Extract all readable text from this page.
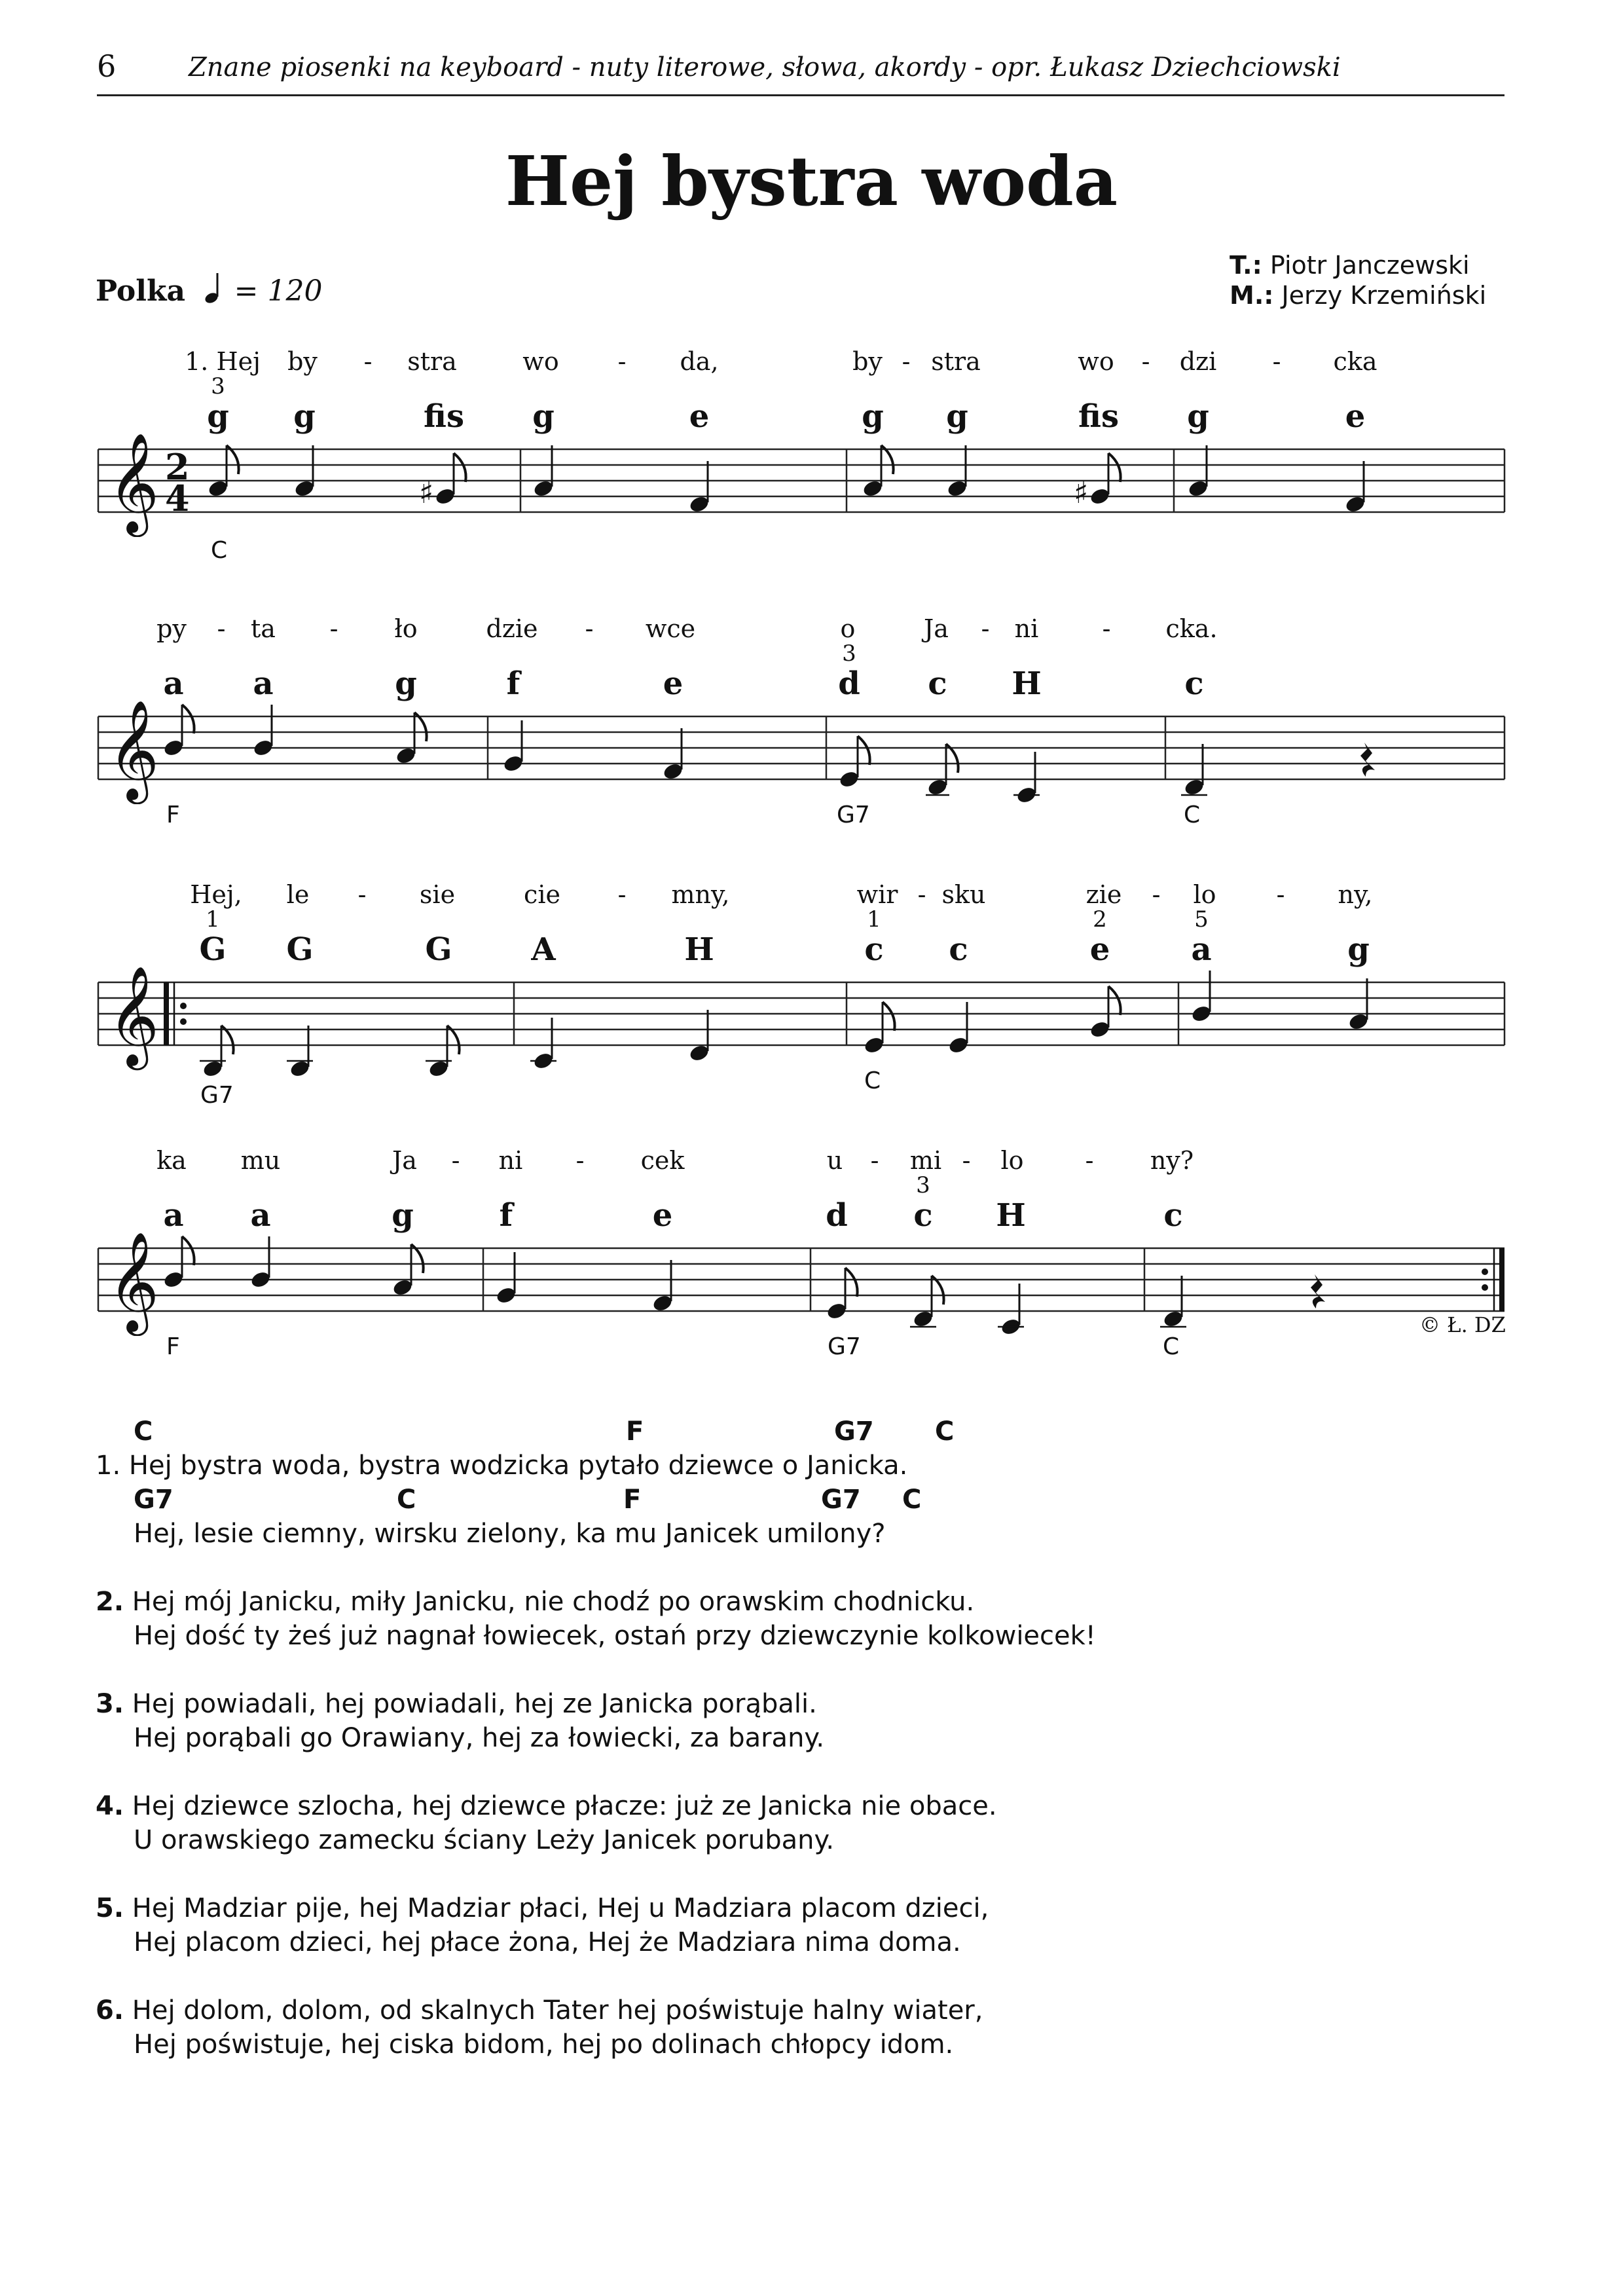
6	Znane piosenki na keyboard - nuty literowe, słowa, akordy - opr. Łukasz Dziechciowski
Hej bystra woda
Polka = 120
T.: Piotr Janczewski
M.: Jerzy Krzemiński
1. Hej by - stra	wo - da,	by - stra	wo - dzi - cka
3
g g	fis g	e	g g	fis g	e
𝄞 2
4	♯	♯
C
py - ta - ło	dzie - wce	o	Ja - ni	- cka.
3
a a	g	f	e	d c H	c
𝄞
F	G7	C
Hej, le - sie	cie - mny,	wir - sku	zie - lo - ny,
1	1	2	5
G G	G	A	H	c c	e	a	g
𝄞
G7
C
ka mu	Ja - ni - cek	u - mi - lo - ny?
3
a a	g	f	e	d c H	c
𝄞	© Ł. DZ
F	G7	C

C

	F

	G7

C

1. Hej bystra woda, bystra wodzicka pytało dziewce o Janicka.

G7

	C

	F

	G7

C

Hej, lesie ciemny, wirsku zielony, ka mu Janicek umilony?
2. Hej mój Janicku, miły Janicku, nie chodź po orawskim chodnicku.
Hej dość ty żeś już nagnał łowiecek, ostań przy dziewczynie kolkowiecek!
3. Hej powiadali, hej powiadali, hej ze Janicka porąbali.
Hej porąbali go Orawiany, hej za łowiecki, za barany.
4. Hej dziewce szlocha, hej dziewce płacze: już ze Janicka nie obace.
U orawskiego zamecku ściany Leży Janicek porubany.
5. Hej Madziar pije, hej Madziar płaci, Hej u Madziara placom dzieci,
Hej placom dzieci, hej płace żona, Hej że Madziara nima doma.
6. Hej dolom, dolom, od skalnych Tater hej poświstuje halny wiater,
Hej poświstuje, hej ciska bidom, hej po dolinach chłopcy idom.
